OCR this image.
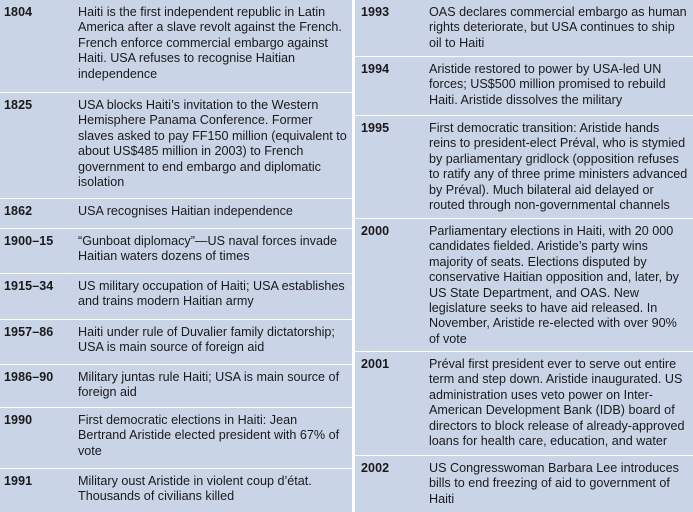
1804	Haiti is the first independent republic in Latin America after a slave revolt against the French. French enforce commercial embargo against Haiti. USA refuses to recognise Haitian independence
1825	USA blocks Haiti’s invitation to the Western Hemisphere Panama Conference. Former slaves asked to pay FF150 million (equivalent to about US$485 million in 2003) to French government to end embargo and diplomatic isolation
1862	USA recognises Haitian independence
1900–15 “Gunboat diplomacy”—US naval forces invade Haitian waters dozens of times
1915–34 US military occupation of Haiti; USA establishes and trains modern Haitian army
1957–86 Haiti under rule of Duvalier family dictatorship; USA is main source of foreign aid
1986–90 Military juntas rule Haiti; USA is main source of foreign aid
1990	First democratic elections in Haiti: Jean Bertrand Aristide elected president with 67% of vote
1991	Military oust Aristide in violent coup d’état. Thousands of civilians killed
1993	OAS declares commercial embargo as human rights deteriorate, but USA continues to ship oil to Haiti
1994	Aristide restored to power by USA-led UN forces; US$500 million promised to rebuild Haiti. Aristide dissolves the military
1995	First democratic transition: Aristide hands reins to president-elect Préval, who is stymied by parliamentary gridlock (opposition refuses to ratify any of three prime ministers advanced by Préval). Much bilateral aid delayed or routed through non-governmental channels
2000	Parliamentary elections in Haiti, with 20 000 candidates fielded. Aristide’s party wins majority of seats. Elections disputed by conservative Haitian opposition and, later, by US State Department, and OAS. New legislature seeks to have aid released. In November, Aristide re-elected with over 90% of vote
2001	Préval first president ever to serve out entire term and step down. Aristide inaugurated. US administration uses veto power on Inter-American Development Bank (IDB) board of directors to block release of already-approved loans for health care, education, and water
2002	US Congresswoman Barbara Lee introduces bills to end freezing of aid to government of Haiti
